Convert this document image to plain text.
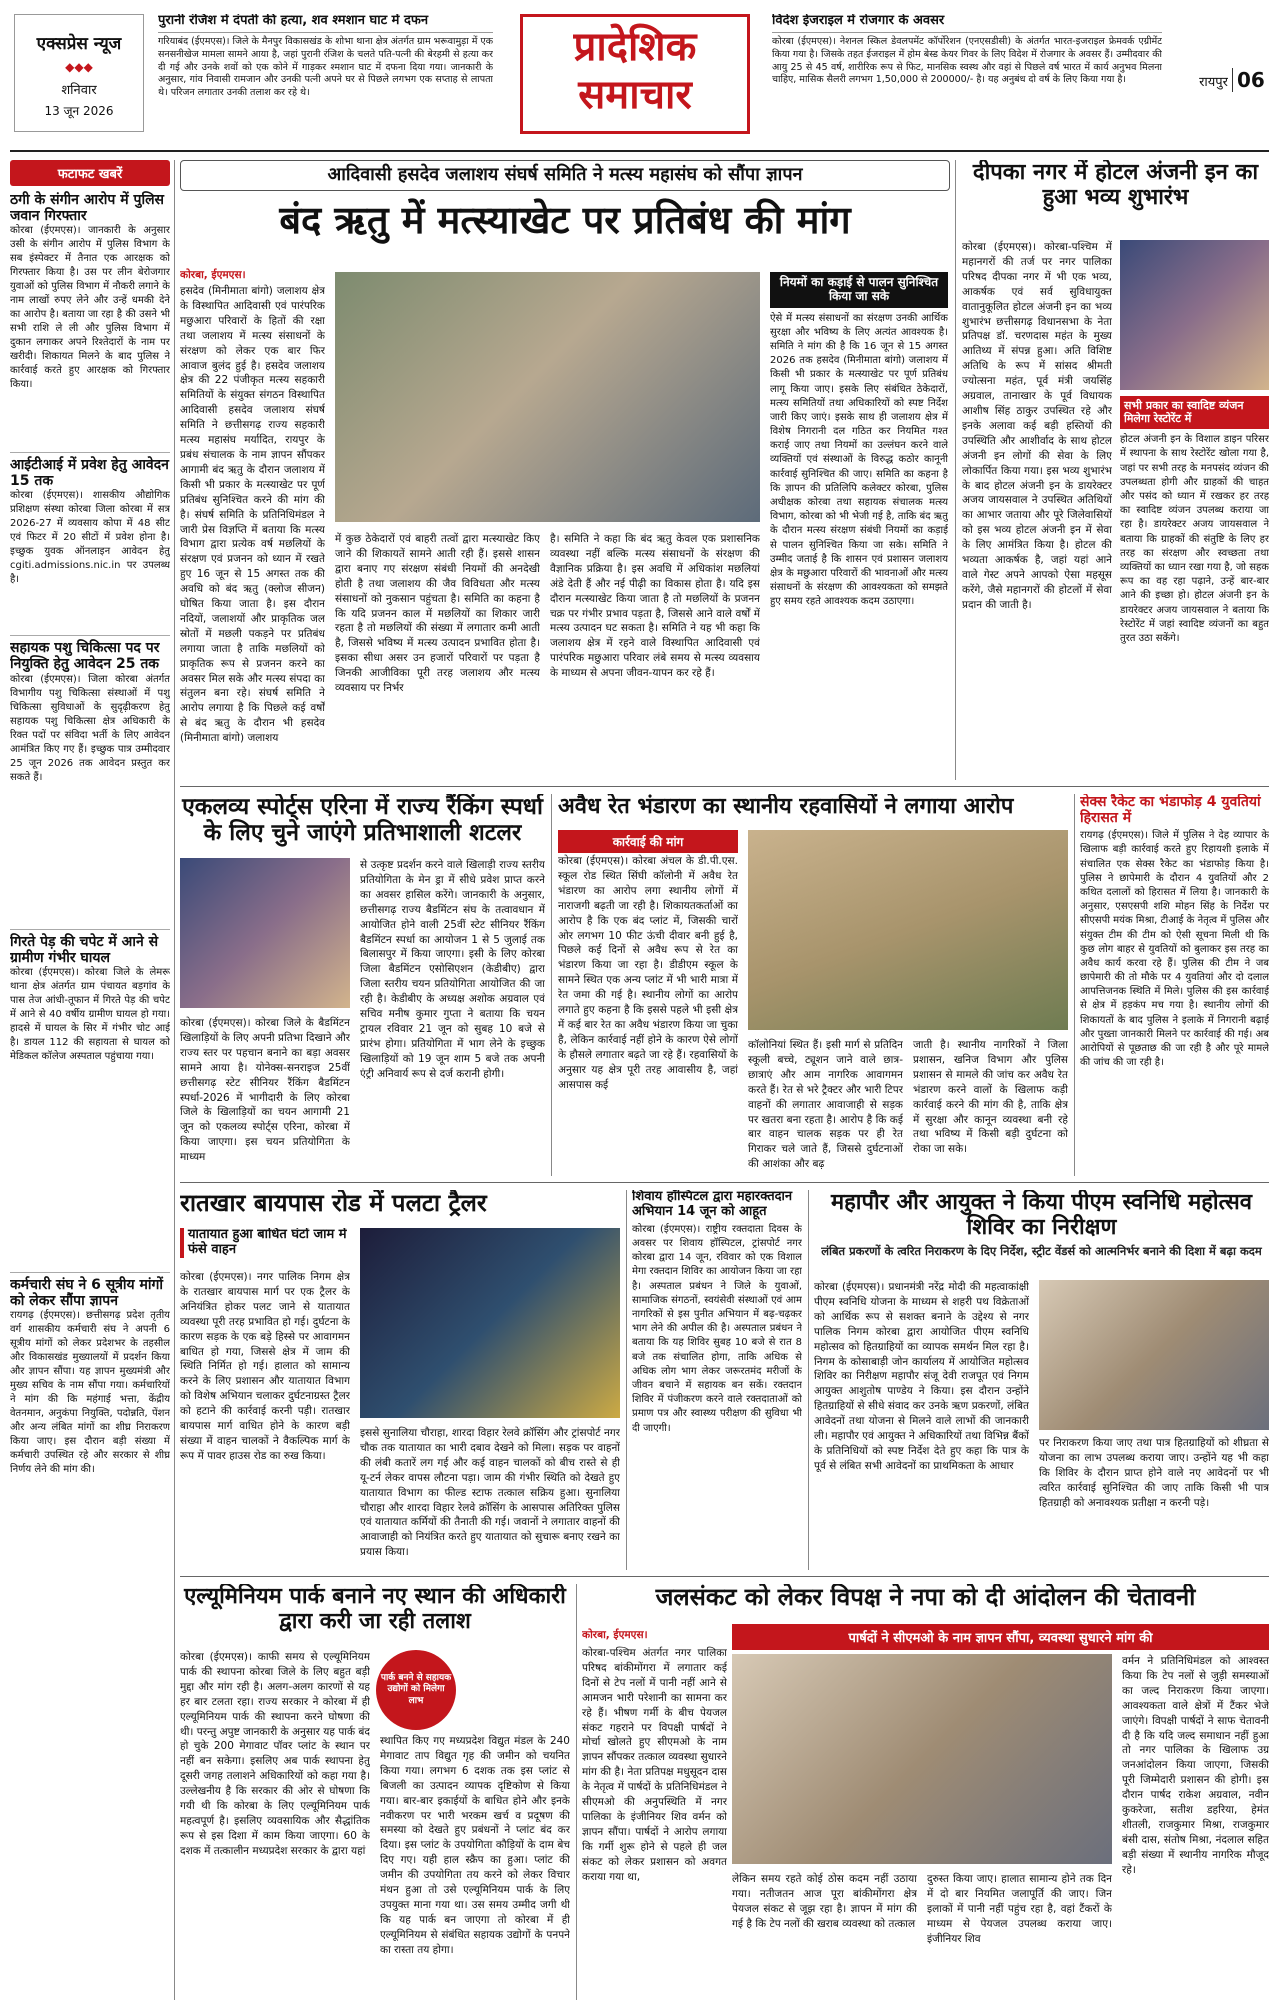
एक्सप्रेस न्यूज
◆◆◆
शनिवार
13 जून 2026
पुरानी रंजिश में दंपती की हत्या, शव श्मशान घाट में दफन
गरियाबंद (ईएमएस)। जिले के मैनपुर विकासखंड के शोभा थाना क्षेत्र अंतर्गत ग्राम भरूवामुड़ा में एक सनसनीखेज मामला सामने आया है, जहां पुरानी रंजिश के चलते पति-पत्नी की बेरहमी से हत्या कर दी गई और उनके शवों को एक कोने में गाड़कर श्मशान घाट में दफना दिया गया। जानकारी के अनुसार, गांव निवासी रामजान और उनकी पत्नी अपने घर से पिछले लगभग एक सप्ताह से लापता थे। परिजन लगातार उनकी तलाश कर रहे थे।
प्रादेशिक
समाचार
विदेश ईजराइल में रोजगार के अवसर
कोरबा (ईएमएस)। नेशनल स्किल डेवलपमेंट कॉर्पोरेशन (एनएसडीसी) के अंतर्गत भारत-इजराइल फ्रेमवर्क एग्रीमेंट किया गया है। जिसके तहत ईजराइल में होम बेस्ड केयर गिवर के लिए विदेश में रोजगार के अवसर हैं। उम्मीदवार की आयु 25 से 45 वर्ष, शारीरिक रूप से फिट, मानसिक स्वस्थ और वहां से पिछले वर्ष भारत में कार्य अनुभव मिलना चाहिए, मासिक सैलरी लगभग 1,50,000 से 200000/- है। यह अनुबंध दो वर्ष के लिए किया गया है।	रायपुर 06
फटाफट खबरें
ठगी के संगीन आरोप में पुलिस जवान गिरफ्तार
कोरबा (ईएमएस)। जानकारी के अनुसार उसी के संगीन आरोप में पुलिस विभाग के सब इंस्पेक्टर में तैनात एक आरक्षक को गिरफ्तार किया है। उस पर लीन बेरोजगार युवाओं को पुलिस विभाग में नौकरी लगाने के नाम लाखों रुपए लेने और उन्हें धमकी देने का आरोप है। बताया जा रहा है की उसने भी सभी राशि ले ली और पुलिस विभाग में दुकान लगाकर अपने रिश्तेदारों के नाम पर खरीदी। शिकायत मिलने के बाद पुलिस ने कार्रवाई करते हुए आरक्षक को गिरफ्तार किया।
आईटीआई में प्रवेश हेतु आवेदन 15 तक
कोरबा (ईएमएस)। शासकीय औद्योगिक प्रशिक्षण संस्था कोरबा जिला कोरबा में सत्र 2026-27 में व्यवसाय कोपा में 48 सीट एवं फिटर में 20 सीटों में प्रवेश होना है। इच्छुक युवक ऑनलाइन आवेदन हेतु cgiti.admissions.nic.in पर उपलब्ध है।
सहायक पशु चिकित्सा पद पर नियुक्ति हेतु आवेदन 25 तक
कोरबा (ईएमएस)। जिला कोरबा अंतर्गत विभागीय पशु चिकित्सा संस्थाओं में पशु चिकित्सा सुविधाओं के सुदृढ़ीकरण हेतु सहायक पशु चिकित्सा क्षेत्र अधिकारी के रिक्त पदों पर संविदा भर्ती के लिए आवेदन आमंत्रित किए गए हैं। इच्छुक पात्र उम्मीदवार 25 जून 2026 तक आवेदन प्रस्तुत कर सकते हैं।
गिरते पेड़ की चपेट में आने से ग्रामीण गंभीर घायल
कोरबा (ईएमएस)। कोरबा जिले के लेमरू थाना क्षेत्र अंतर्गत ग्राम पंचायत बड़गांव के पास तेज आंधी-तूफान में गिरते पेड़ की चपेट में आने से 40 वर्षीय ग्रामीण घायल हो गया। हादसे में घायल के सिर में गंभीर चोट आई है। डायल 112 की सहायता से घायल को मेडिकल कॉलेज अस्पताल पहुंचाया गया।
कर्मचारी संघ ने 6 सूत्रीय मांगों को लेकर सौंपा ज्ञापन
रायगढ़ (ईएमएस)। छत्तीसगढ़ प्रदेश तृतीय वर्ग शासकीय कर्मचारी संघ ने अपनी 6 सूत्रीय मांगों को लेकर प्रदेशभर के तहसील और विकासखंड मुख्यालयों में प्रदर्शन किया और ज्ञापन सौंपा। यह ज्ञापन मुख्यमंत्री और मुख्य सचिव के नाम सौंपा गया। कर्मचारियों ने मांग की कि महंगाई भत्ता, केंद्रीय वेतनमान, अनुकंपा नियुक्ति, पदोन्नति, पेंशन और अन्य लंबित मांगों का शीघ्र निराकरण किया जाए। इस दौरान बड़ी संख्या में कर्मचारी उपस्थित रहे और सरकार से शीघ्र निर्णय लेने की मांग की।
आदिवासी हसदेव जलाशय संघर्ष समिति ने मत्स्य महासंघ को सौंपा ज्ञापन
बंद ऋतु में मत्स्याखेट पर प्रतिबंध की मांग
कोरबा, ईएमएस।
हसदेव (मिनीमाता बांगो) जलाशय क्षेत्र के विस्थापित आदिवासी एवं पारंपरिक मछुआरा परिवारों के हितों की रक्षा तथा जलाशय में मत्स्य संसाधनों के संरक्षण को लेकर एक बार फिर आवाज बुलंद हुई है। हसदेव जलाशय क्षेत्र की 22 पंजीकृत मत्स्य सहकारी समितियों के संयुक्त संगठन विस्थापित आदिवासी हसदेव जलाशय संघर्ष समिति ने छत्तीसगढ़ राज्य सहकारी मत्स्य महासंघ मर्यादित, रायपुर के प्रबंध संचालक के नाम ज्ञापन सौंपकर आगामी बंद ऋतु के दौरान जलाशय में किसी भी प्रकार के मत्स्याखेट पर पूर्ण प्रतिबंध सुनिश्चित करने की मांग की है। संघर्ष समिति के प्रतिनिधिमंडल ने जारी प्रेस विज्ञप्ति में बताया कि मत्स्य विभाग द्वारा प्रत्येक वर्ष मछलियों के संरक्षण एवं प्रजनन को ध्यान में रखते हुए 16 जून से 15 अगस्त तक की अवधि को बंद ऋतु (क्लोज सीजन) घोषित किया जाता है। इस दौरान नदियों, जलाशयों और प्राकृतिक जल स्रोतों में मछली पकड़ने पर प्रतिबंध लगाया जाता है ताकि मछलियों को प्राकृतिक रूप से प्रजनन करने का अवसर मिल सके और मत्स्य संपदा का संतुलन बना रहे। संघर्ष समिति ने आरोप लगाया है कि पिछले कई वर्षों से बंद ऋतु के दौरान भी हसदेव (मिनीमाता बांगो) जलाशय
में कुछ ठेकेदारों एवं बाहरी तत्वों द्वारा मत्स्याखेट किए जाने की शिकायतें सामने आती रही हैं। इससे शासन द्वारा बनाए गए संरक्षण संबंधी नियमों की अनदेखी होती है तथा जलाशय की जैव विविधता और मत्स्य संसाधनों को नुकसान पहुंचता है। समिति का कहना है कि यदि प्रजनन काल में मछलियों का शिकार जारी रहता है तो मछलियों की संख्या में लगातार कमी आती है, जिससे भविष्य में मत्स्य उत्पादन प्रभावित होता है। इसका सीधा असर उन हजारों परिवारों पर पड़ता है जिनकी आजीविका पूरी तरह जलाशय और मत्स्य व्यवसाय पर निर्भर
है। समिति ने कहा कि बंद ऋतु केवल एक प्रशासनिक व्यवस्था नहीं बल्कि मत्स्य संसाधनों के संरक्षण की वैज्ञानिक प्रक्रिया है। इस अवधि में अधिकांश मछलियां अंडे देती हैं और नई पीढ़ी का विकास होता है। यदि इस दौरान मत्स्याखेट किया जाता है तो मछलियों के प्रजनन चक्र पर गंभीर प्रभाव पड़ता है, जिससे आने वाले वर्षों में मत्स्य उत्पादन घट सकता है। समिति ने यह भी कहा कि जलाशय क्षेत्र में रहने वाले विस्थापित आदिवासी एवं पारंपरिक मछुआरा परिवार लंबे समय से मत्स्य व्यवसाय के माध्यम से अपना जीवन-यापन कर रहे हैं।
नियमों का कड़ाई से पालन सुनिश्चित किया जा सके
ऐसे में मत्स्य संसाधनों का संरक्षण उनकी आर्थिक सुरक्षा और भविष्य के लिए अत्यंत आवश्यक है। समिति ने मांग की है कि 16 जून से 15 अगस्त 2026 तक हसदेव (मिनीमाता बांगो) जलाशय में किसी भी प्रकार के मत्स्याखेट पर पूर्ण प्रतिबंध लागू किया जाए। इसके लिए संबंधित ठेकेदारों, मत्स्य समितियों तथा अधिकारियों को स्पष्ट निर्देश जारी किए जाएं। इसके साथ ही जलाशय क्षेत्र में विशेष निगरानी दल गठित कर नियमित गश्त कराई जाए तथा नियमों का उल्लंघन करने वाले व्यक्तियों एवं संस्थाओं के विरुद्ध कठोर कानूनी कार्रवाई सुनिश्चित की जाए। समिति का कहना है कि ज्ञापन की प्रतिलिपि कलेक्टर कोरबा, पुलिस अधीक्षक कोरबा तथा सहायक संचालक मत्स्य विभाग, कोरबा को भी भेजी गई है, ताकि बंद ऋतु के दौरान मत्स्य संरक्षण संबंधी नियमों का कड़ाई से पालन सुनिश्चित किया जा सके। समिति ने उम्मीद जताई है कि शासन एवं प्रशासन जलाशय क्षेत्र के मछुआरा परिवारों की भावनाओं और मत्स्य संसाधनों के संरक्षण की आवश्यकता को समझते हुए समय रहते आवश्यक कदम उठाएगा।
दीपका नगर में होटल अंजनी इन का हुआ भव्य शुभारंभ
कोरबा (ईएमएस)। कोरबा-पश्चिम में महानगरों की तर्ज पर नगर पालिका परिषद दीपका नगर में भी एक भव्य, आकर्षक एवं सर्व सुविधायुक्त वातानुकूलित होटल अंजनी इन का भव्य शुभारंभ छत्तीसगढ़ विधानसभा के नेता प्रतिपक्ष डॉ. चरणदास महंत के मुख्य आतिथ्य में संपन्न हुआ। अति विशिष्ट अतिथि के रूप में सांसद श्रीमती ज्योत्सना महंत, पूर्व मंत्री जयसिंह अग्रवाल, तानाखार के पूर्व विधायक आशीष सिंह ठाकुर उपस्थित रहे और इनके अलावा कई बड़ी हस्तियों की उपस्थिति और आशीर्वाद के साथ होटल अंजनी इन लोगों की सेवा के लिए लोकार्पित किया गया। इस भव्य शुभारंभ के बाद होटल अंजनी इन के डायरेक्टर अजय जायसवाल ने उपस्थित अतिथियों का आभार जताया और पूरे जिलेवासियों को इस भव्य होटल अंजनी इन में सेवा के लिए आमंत्रित किया है। होटल की भव्यता आकर्षक है, जहां यहां आने वाले गेस्ट अपने आपको ऐसा महसूस करेंगे, जैसे महानगरों की होटलों में सेवा प्रदान की जाती है।
सभी प्रकार का स्वादिष्ट व्यंजन मिलेगा रेस्टोरेंट में
होटल अंजनी इन के विशाल डाइन परिसर में स्थापना के साथ रेस्टोरेंट खोला गया है, जहां पर सभी तरह के मनपसंद व्यंजन की उपलब्धता होगी और ग्राहकों की चाहत और पसंद को ध्यान में रखकर हर तरह का स्वादिष्ट व्यंजन उपलब्ध कराया जा रहा है। डायरेक्टर अजय जायसवाल ने बताया कि ग्राहकों की संतुष्टि के लिए हर तरह का संरक्षण और स्वच्छता तथा व्यक्तियों का ध्यान रखा गया है, जो सहक रूप का वह रहा पढ़ाने, उन्हें बार-बार आने की इच्छा हो। होटल अंजनी इन के डायरेक्टर अजय जायसवाल ने बताया कि रेस्टोरेंट में जहां स्वादिष्ट व्यंजनों का बहुत तुरत उठा सकेंगे।
एकलव्य स्पोर्ट्स एरिना में राज्य रैंकिंग स्पर्धा के लिए चुने जाएंगे प्रतिभाशाली शटलर
कोरबा (ईएमएस)। कोरबा जिले के बैडमिंटन खिलाड़ियों के लिए अपनी प्रतिभा दिखाने और राज्य स्तर पर पहचान बनाने का बड़ा अवसर सामने आया है। योनेक्स-सनराइज 25वीं छत्तीसगढ़ स्टेट सीनियर रैंकिंग बैडमिंटन स्पर्धा-2026 में भागीदारी के लिए कोरबा जिले के खिलाड़ियों का चयन आगामी 21 जून को एकलव्य स्पोर्ट्स एरिना, कोरबा में किया जाएगा। इस चयन प्रतियोगिता के माध्यम
से उत्कृष्ट प्रदर्शन करने वाले खिलाड़ी राज्य स्तरीय प्रतियोगिता के मेन ड्रा में सीधे प्रवेश प्राप्त करने का अवसर हासिल करेंगे। जानकारी के अनुसार, छत्तीसगढ़ राज्य बैडमिंटन संघ के तत्वावधान में आयोजित होने वाली 25वीं स्टेट सीनियर रैंकिंग बैडमिंटन स्पर्धा का आयोजन 1 से 5 जुलाई तक बिलासपुर में किया जाएगा। इसी के लिए कोरबा जिला बैडमिंटन एसोसिएशन (केडीबीए) द्वारा जिला स्तरीय चयन प्रतियोगिता आयोजित की जा रही है। केडीबीए के अध्यक्ष अशोक अग्रवाल एवं सचिव मनीष कुमार गुप्ता ने बताया कि चयन ट्रायल रविवार 21 जून को सुबह 10 बजे से प्रारंभ होगा। प्रतियोगिता में भाग लेने के इच्छुक खिलाड़ियों को 19 जून शाम 5 बजे तक अपनी एंट्री अनिवार्य रूप से दर्ज करानी होगी।
अवैध रेत भंडारण का स्थानीय रहवासियों ने लगाया आरोप
कार्रवाई की मांग
कोरबा (ईएमएस)। कोरबा अंचल के डी.पी.एस. स्कूल रोड स्थित सिंघी कॉलोनी में अवैध रेत भंडारण का आरोप लगा स्थानीय लोगों में नाराजगी बढ़ती जा रही है। शिकायतकर्ताओं का आरोप है कि एक बंद प्लांट में, जिसकी चारों ओर लगभग 10 फीट ऊंची दीवार बनी हुई है, पिछले कई दिनों से अवैध रूप से रेत का भंडारण किया जा रहा है। डीडीएम स्कूल के सामने स्थित एक अन्य प्लांट में भी भारी मात्रा में रेत जमा की गई है। स्थानीय लोगों का आरोप लगाते हुए कहना है कि इससे पहले भी इसी क्षेत्र में कई बार रेत का अवैध भंडारण किया जा चुका है, लेकिन कार्रवाई नहीं होने के कारण ऐसे लोगों के हौसले लगातार बढ़ते जा रहे हैं। रहवासियों के अनुसार यह क्षेत्र पूरी तरह आवासीय है, जहां आसपास कई
कॉलोनियां स्थित हैं। इसी मार्ग से प्रतिदिन स्कूली बच्चे, ट्यूशन जाने वाले छात्र-छात्राएं और आम नागरिक आवागमन करते हैं। रेत से भरे ट्रैक्टर और भारी टिपर वाहनों की लगातार आवाजाही से सड़क पर खतरा बना रहता है। आरोप है कि कई बार वाहन चालक सड़क पर ही रेत गिराकर चले जाते हैं, जिससे दुर्घटनाओं की आशंका और बढ़
जाती है। स्थानीय नागरिकों ने जिला प्रशासन, खनिज विभाग और पुलिस प्रशासन से मामले की जांच कर अवैध रेत भंडारण करने वालों के खिलाफ कड़ी कार्रवाई करने की मांग की है, ताकि क्षेत्र में सुरक्षा और कानून व्यवस्था बनी रहे तथा भविष्य में किसी बड़ी दुर्घटना को रोका जा सके।
सेक्स रैकेट का भंडाफोड़ 4 युवतियां हिरासत में
रायगढ़ (ईएमएस)। जिले में पुलिस ने देह व्यापार के खिलाफ बड़ी कार्रवाई करते हुए रिहायशी इलाके में संचालित एक सेक्स रैकेट का भंडाफोड़ किया है। पुलिस ने छापेमारी के दौरान 4 युवतियों और 2 कथित दलालों को हिरासत में लिया है। जानकारी के अनुसार, एसएसपी शशि मोहन सिंह के निर्देश पर सीएसपी मयंक मिश्रा, टीआई के नेतृत्व में पुलिस और संयुक्त टीम की टीम को ऐसी सूचना मिली थी कि कुछ लोग बाहर से युवतियों को बुलाकर इस तरह का अवैध कार्य करवा रहे हैं। पुलिस की टीम ने जब छापेमारी की तो मौके पर 4 युवतियां और दो दलाल आपत्तिजनक स्थिति में मिले। पुलिस की इस कार्रवाई से क्षेत्र में हड़कंप मच गया है। स्थानीय लोगों की शिकायतों के बाद पुलिस ने इलाके में निगरानी बढ़ाई और पुख्ता जानकारी मिलने पर कार्रवाई की गई। अब आरोपियों से पूछताछ की जा रही है और पूरे मामले की जांच की जा रही है।
रातखार बायपास रोड में पलटा ट्रैलर
यातायात हुआ बाधित घंटों जाम में फंसे वाहन
कोरबा (ईएमएस)। नगर पालिक निगम क्षेत्र के रातखार बायपास मार्ग पर एक ट्रैलर के अनियंत्रित होकर पलट जाने से यातायात व्यवस्था पूरी तरह प्रभावित हो गई। दुर्घटना के कारण सड़क के एक बड़े हिस्से पर आवागमन बाधित हो गया, जिससे क्षेत्र में जाम की स्थिति निर्मित हो गई। हालात को सामान्य करने के लिए प्रशासन और यातायात विभाग को विशेष अभियान चलाकर दुर्घटनाग्रस्त ट्रैलर को हटाने की कार्रवाई करनी पड़ी। रातखार बायपास मार्ग वाधित होने के कारण बड़ी संख्या में वाहन चालकों ने वैकल्पिक मार्ग के रूप में पावर हाउस रोड का रुख किया।
इससे सुनालिया चौराहा, शारदा विहार रेलवे क्रॉसिंग और ट्रांसपोर्ट नगर चौक तक यातायात का भारी दबाव देखने को मिला। सड़क पर वाहनों की लंबी कतारें लग गई और कई वाहन चालकों को बीच रास्ते से ही यू-टर्न लेकर वापस लौटना पड़ा। जाम की गंभीर स्थिति को देखते हुए यातायात विभाग का फील्ड स्टाफ तत्काल सक्रिय हुआ। सुनालिया चौराहा और शारदा विहार रेलवे क्रॉसिंग के आसपास अतिरिक्त पुलिस एवं यातायात कर्मियों की तैनाती की गई। जवानों ने लगातार वाहनों की आवाजाही को नियंत्रित करते हुए यातायात को सुचारू बनाए रखने का प्रयास किया।
शिवाय हॉस्पिटल द्वारा महारक्तदान अभियान 14 जून को आहूत
कोरबा (ईएमएस)। राष्ट्रीय रक्तदाता दिवस के अवसर पर शिवाय हॉस्पिटल, ट्रांसपोर्ट नगर कोरबा द्वारा 14 जून, रविवार को एक विशाल मेगा रक्तदान शिविर का आयोजन किया जा रहा है। अस्पताल प्रबंधन ने जिले के युवाओं, सामाजिक संगठनों, स्वयंसेवी संस्थाओं एवं आम नागरिकों से इस पुनीत अभियान में बढ़-चढ़कर भाग लेने की अपील की है। अस्पताल प्रबंधन ने बताया कि यह शिविर सुबह 10 बजे से रात 8 बजे तक संचालित होगा, ताकि अधिक से अधिक लोग भाग लेकर जरूरतमंद मरीजों के जीवन बचाने में सहायक बन सकें। रक्तदान शिविर में पंजीकरण करने वाले रक्तदाताओं को प्रमाण पत्र और स्वास्थ्य परीक्षण की सुविधा भी दी जाएगी।
महापौर और आयुक्त ने किया पीएम स्वनिधि महोत्सव शिविर का निरीक्षण
लंबित प्रकरणों के त्वरित निराकरण के दिए निर्देश, स्ट्रीट वेंडर्स को आत्मनिर्भर बनाने की दिशा में बढ़ा कदम
कोरबा (ईएमएस)। प्रधानमंत्री नरेंद्र मोदी की महत्वाकांक्षी पीएम स्वनिधि योजना के माध्यम से शहरी पथ विक्रेताओं को आर्थिक रूप से सशक्त बनाने के उद्देश्य से नगर पालिक निगम कोरबा द्वारा आयोजित पीएम स्वनिधि महोत्सव को हितग्राहियों का व्यापक समर्थन मिल रहा है। निगम के कोसाबाड़ी जोन कार्यालय में आयोजित महोत्सव शिविर का निरीक्षण महापौर संजू देवी राजपूत एवं निगम आयुक्त आशुतोष पाण्डेय ने किया। इस दौरान उन्होंने हितग्राहियों से सीधे संवाद कर उनके ऋण प्रकरणों, लंबित आवेदनों तथा योजना से मिलने वाले लाभों की जानकारी ली। महापौर एवं आयुक्त ने अधिकारियों तथा विभिन्न बैंकों के प्रतिनिधियों को स्पष्ट निर्देश देते हुए कहा कि पात्र के पूर्व से लंबित सभी आवेदनों का प्राथमिकता के आधार
पर निराकरण किया जाए तथा पात्र हितग्राहियों को शीघ्रता से योजना का लाभ उपलब्ध कराया जाए। उन्होंने यह भी कहा कि शिविर के दौरान प्राप्त होने वाले नए आवेदनों पर भी त्वरित कार्रवाई सुनिश्चित की जाए ताकि किसी भी पात्र हितग्राही को अनावश्यक प्रतीक्षा न करनी पड़े।
एल्यूमिनियम पार्क बनाने नए स्थान की अधिकारी द्वारा करी जा रही तलाश
कोरबा (ईएमएस)। काफी समय से एल्यूमिनियम पार्क की स्थापना कोरबा जिले के लिए बहुत बड़ी मुद्दा और मांग रही है। अलग-अलग कारणों से यह हर बार टलता रहा। राज्य सरकार ने कोरबा में ही एल्यूमिनियम पार्क की स्थापना करने घोषणा की थी। परन्तु अपुष्ट जानकारी के अनुसार यह पार्क बंद हो चुके 200 मेगावाट पॉवर प्लांट के स्थान पर नहीं बन सकेगा। इसलिए अब पार्क स्थापना हेतु दूसरी जगह तलाशने अधिकारियों को कहा गया है। उल्लेखनीय है कि सरकार की ओर से घोषणा कि गयी थी कि कोरबा के लिए एल्यूमिनियम पार्क महत्वपूर्ण है। इसलिए व्यवसायिक और सैद्धांतिक रूप से इस दिशा में काम किया जाएगा। 60 के दशक में तत्कालीन मध्यप्रदेश सरकार के द्वारा यहां
पार्क बनने से सहायक उद्योगों को मिलेगा लाभ
स्थापित किए गए मध्यप्रदेश विद्युत मंडल के 240 मेगावाट ताप विद्युत गृह की जमीन को चयनित किया गया। लगभग 6 दशक तक इस प्लांट से बिजली का उत्पादन व्यापक दृष्टिकोण से किया गया। बार-बार इकाईयों के बाधित होने और इनके नवीकरण पर भारी भरकम खर्च व प्रदूषण की समस्या को देखते हुए प्रबंधनों ने प्लांट बंद कर दिया। इस प्लांट के उपयोगिता कौड़ियों के दाम बेच दिए गए। यही हाल स्क्रैप का हुआ। प्लांट की जमीन की उपयोगिता तय करने को लेकर विचार मंथन हुआ तो उसे एल्यूमिनियम पार्क के लिए उपयुक्त माना गया था। उस समय उम्मीद जगी थी कि यह पार्क बन जाएगा तो कोरबा में ही एल्यूमिनियम से संबंधित सहायक उद्योगों के पनपने का रास्ता तय होगा।
जलसंकट को लेकर विपक्ष ने नपा को दी आंदोलन की चेतावनी
पार्षदों ने सीएमओ के नाम ज्ञापन सौंपा, व्यवस्था सुधारने मांग की
कोरबा, ईएमएस।
कोरबा-पश्चिम अंतर्गत नगर पालिका परिषद बांकीमोंगरा में लगातार कई दिनों से टेप नलों में पानी नहीं आने से आमजन भारी परेशानी का सामना कर रहे हैं। भीषण गर्मी के बीच पेयजल संकट गहराने पर विपक्षी पार्षदों ने मोर्चा खोलते हुए सीएमओ के नाम ज्ञापन सौंपकर तत्काल व्यवस्था सुधारने मांग की है। नेता प्रतिपक्ष मधुसूदन दास के नेतृत्व में पार्षदों के प्रतिनिधिमंडल ने सीएमओ की अनुपस्थिति में नगर पालिका के इंजीनियर शिव वर्मन को ज्ञापन सौंपा। पार्षदों ने आरोप लगाया कि गर्मी शुरू होने से पहले ही जल संकट को लेकर प्रशासन को अवगत कराया गया था,	लेकिन समय रहते कोई ठोस कदम नहीं उठाया गया। नतीजतन आज पूरा बांकीमोंगरा क्षेत्र पेयजल संकट से जूझ रहा है। ज्ञापन में मांग की गई है कि टेप नलों की खराब व्यवस्था को तत्काल
दुरुस्त किया जाए। हालात सामान्य होने तक दिन में दो बार नियमित जलापूर्ति की जाए। जिन इलाकों में पानी नहीं पहुंच रहा है, वहां टैंकरों के माध्यम से पेयजल उपलब्ध कराया जाए। इंजीनियर शिव
वर्मन ने प्रतिनिधिमंडल को आश्वस्त किया कि टेप नलों से जुड़ी समस्याओं का जल्द निराकरण किया जाएगा। आवश्यकता वाले क्षेत्रों में टैंकर भेजे जाएंगे। विपक्षी पार्षदों ने साफ चेतावनी दी है कि यदि जल्द समाधान नहीं हुआ तो नगर पालिका के खिलाफ उग्र जनआंदोलन किया जाएगा, जिसकी पूरी जिम्मेदारी प्रशासन की होगी। इस दौरान पार्षद राकेश अग्रवाल, नवीन कुकरेजा, सतीश डहरिया, हेमंत शीतली, राजकुमार मिश्रा, राजकुमार बंसी दास, संतोष मिश्रा, नंदलाल सहित बड़ी संख्या में स्थानीय नागरिक मौजूद रहे।
